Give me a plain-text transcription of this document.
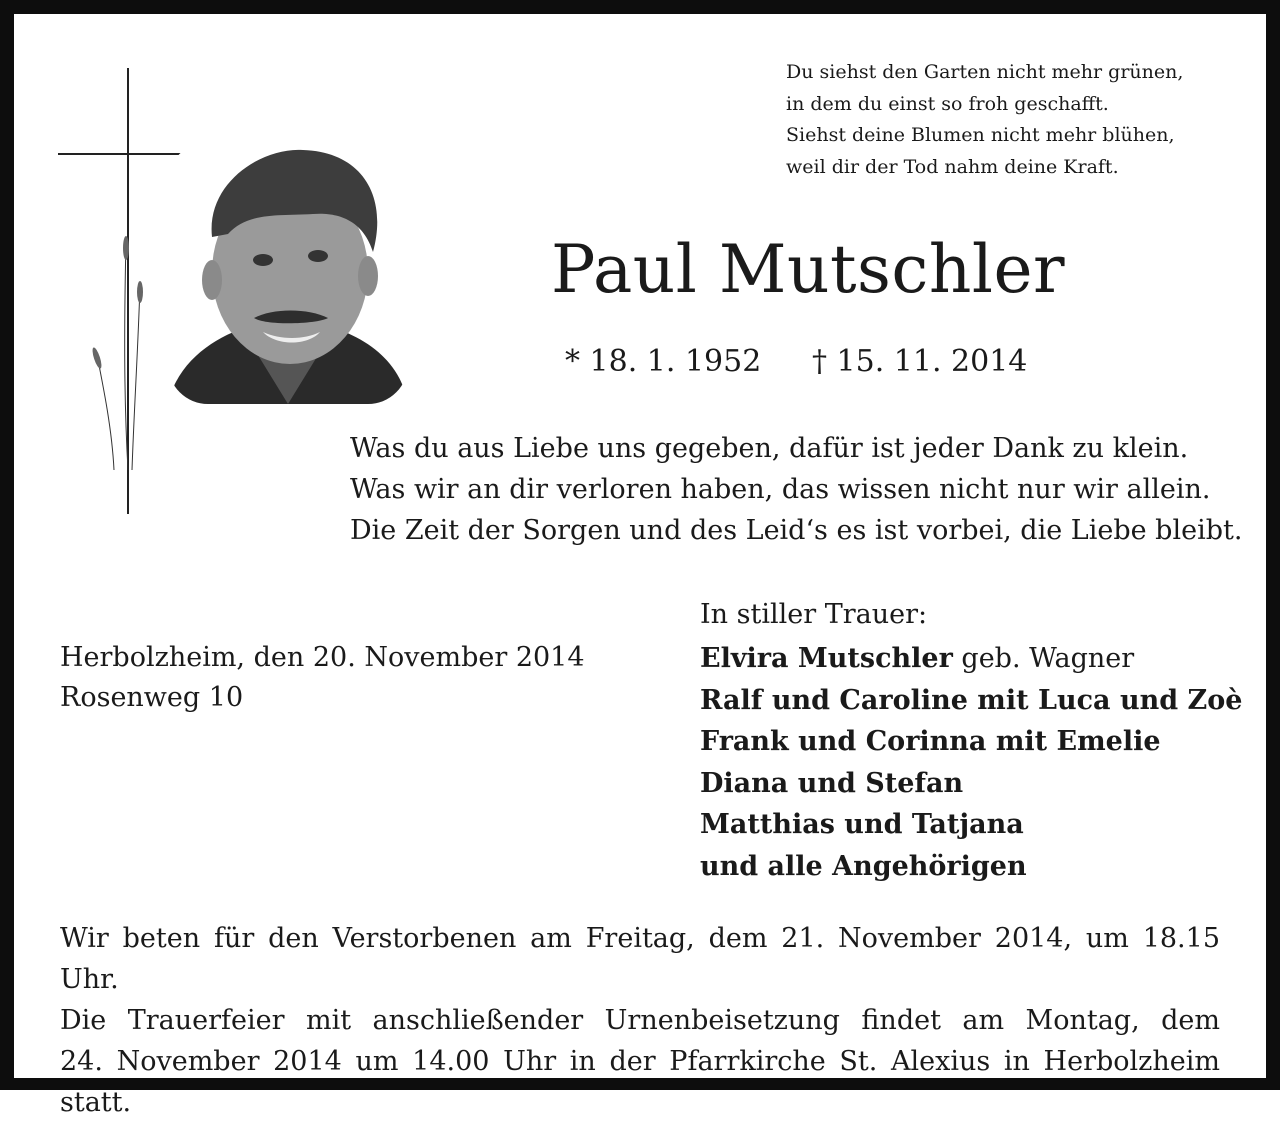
Du siehst den Garten nicht mehr grünen,
in dem du einst so froh geschafft.
Siehst deine Blumen nicht mehr blühen,
weil dir der Tod nahm deine Kraft.
Paul Mutschler
* 18. 1. 1952 † 15. 11. 2014
Was du aus Liebe uns gegeben, dafür ist jeder Dank zu klein.
Was wir an dir verloren haben, das wissen nicht nur wir allein.
Die Zeit der Sorgen und des Leid‘s es ist vorbei, die Liebe bleibt.
Herbolzheim, den 20. November 2014
Rosenweg 10
In stiller Trauer:
Elvira Mutschler geb. Wagner
Ralf und Caroline mit Luca und Zoè
Frank und Corinna mit Emelie
Diana und Stefan
Matthias und Tatjana
und alle Angehörigen
Wir beten für den Verstorbenen am Freitag, dem 21. November 2014, um 18.15 Uhr.
Die Trauerfeier mit anschließender Urnenbeisetzung findet am Montag, dem
24. November 2014 um 14.00 Uhr in der Pfarrkirche St. Alexius in Herbolzheim statt.
